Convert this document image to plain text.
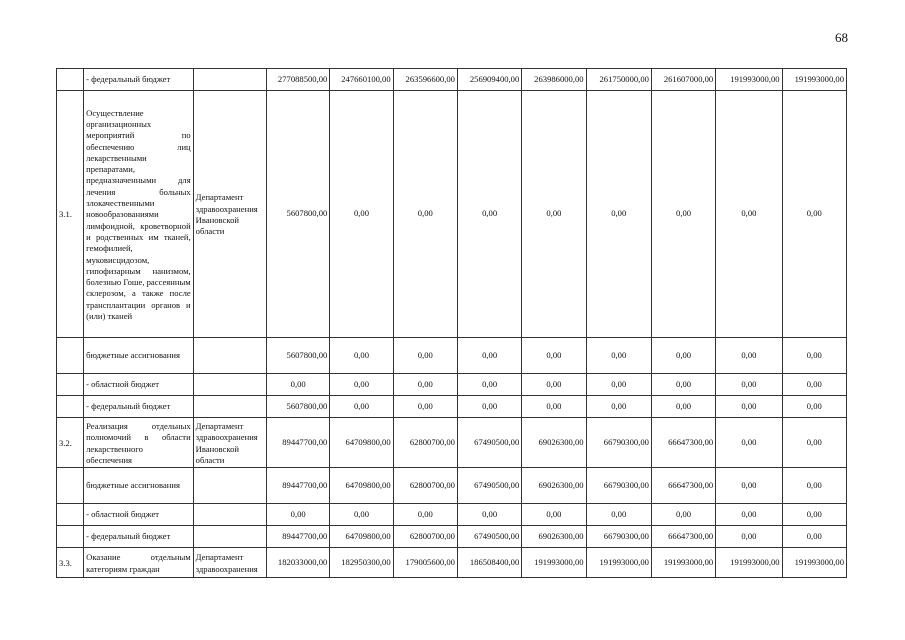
68
	- федеральный бюджет		277088500,00	247660100,00	263596600,00	256909400,00	263986000,00	261750000,00	261607000,00	191993000,00	191993000,00
3.1.	Осуществление организационных мероприятий по обеспечению лиц лекарственными препаратами, предназначенными для лечения больных злокачественными новообразованиями лимфоидной, кроветворной и родственных им тканей, гемофилией, муковисцидозом, гипофизарным нанизмом, болезнью Гоше, рассеянным склерозом, а также после трансплантации органов и (или) тканей	Департамент здравоохранения Ивановской области	5607800,00	0,00	0,00	0,00	0,00	0,00	0,00	0,00	0,00
	бюджетные ассигнования		5607800,00	0,00	0,00	0,00	0,00	0,00	0,00	0,00	0,00
	- областной бюджет		0,00	0,00	0,00	0,00	0,00	0,00	0,00	0,00	0,00
	- федеральный бюджет		5607800,00	0,00	0,00	0,00	0,00	0,00	0,00	0,00	0,00
3.2.	Реализация отдельных полномочий в области лекарственного обеспечения	Департамент здравоохранения Ивановской области	89447700,00	64709800,00	62800700,00	67490500,00	69026300,00	66790300,00	66647300,00	0,00	0,00
	бюджетные ассигнования		89447700,00	64709800,00	62800700,00	67490500,00	69026300,00	66790300,00	66647300,00	0,00	0,00
	- областной бюджет		0,00	0,00	0,00	0,00	0,00	0,00	0,00	0,00	0,00
	- федеральный бюджет		89447700,00	64709800,00	62800700,00	67490500,00	69026300,00	66790300,00	66647300,00	0,00	0,00
3.3.	Оказание отдельным категориям граждан	Департамент здравоохранения	182033000,00	182950300,00	179005600,00	186508400,00	191993000,00	191993000,00	191993000,00	191993000,00	191993000,00
